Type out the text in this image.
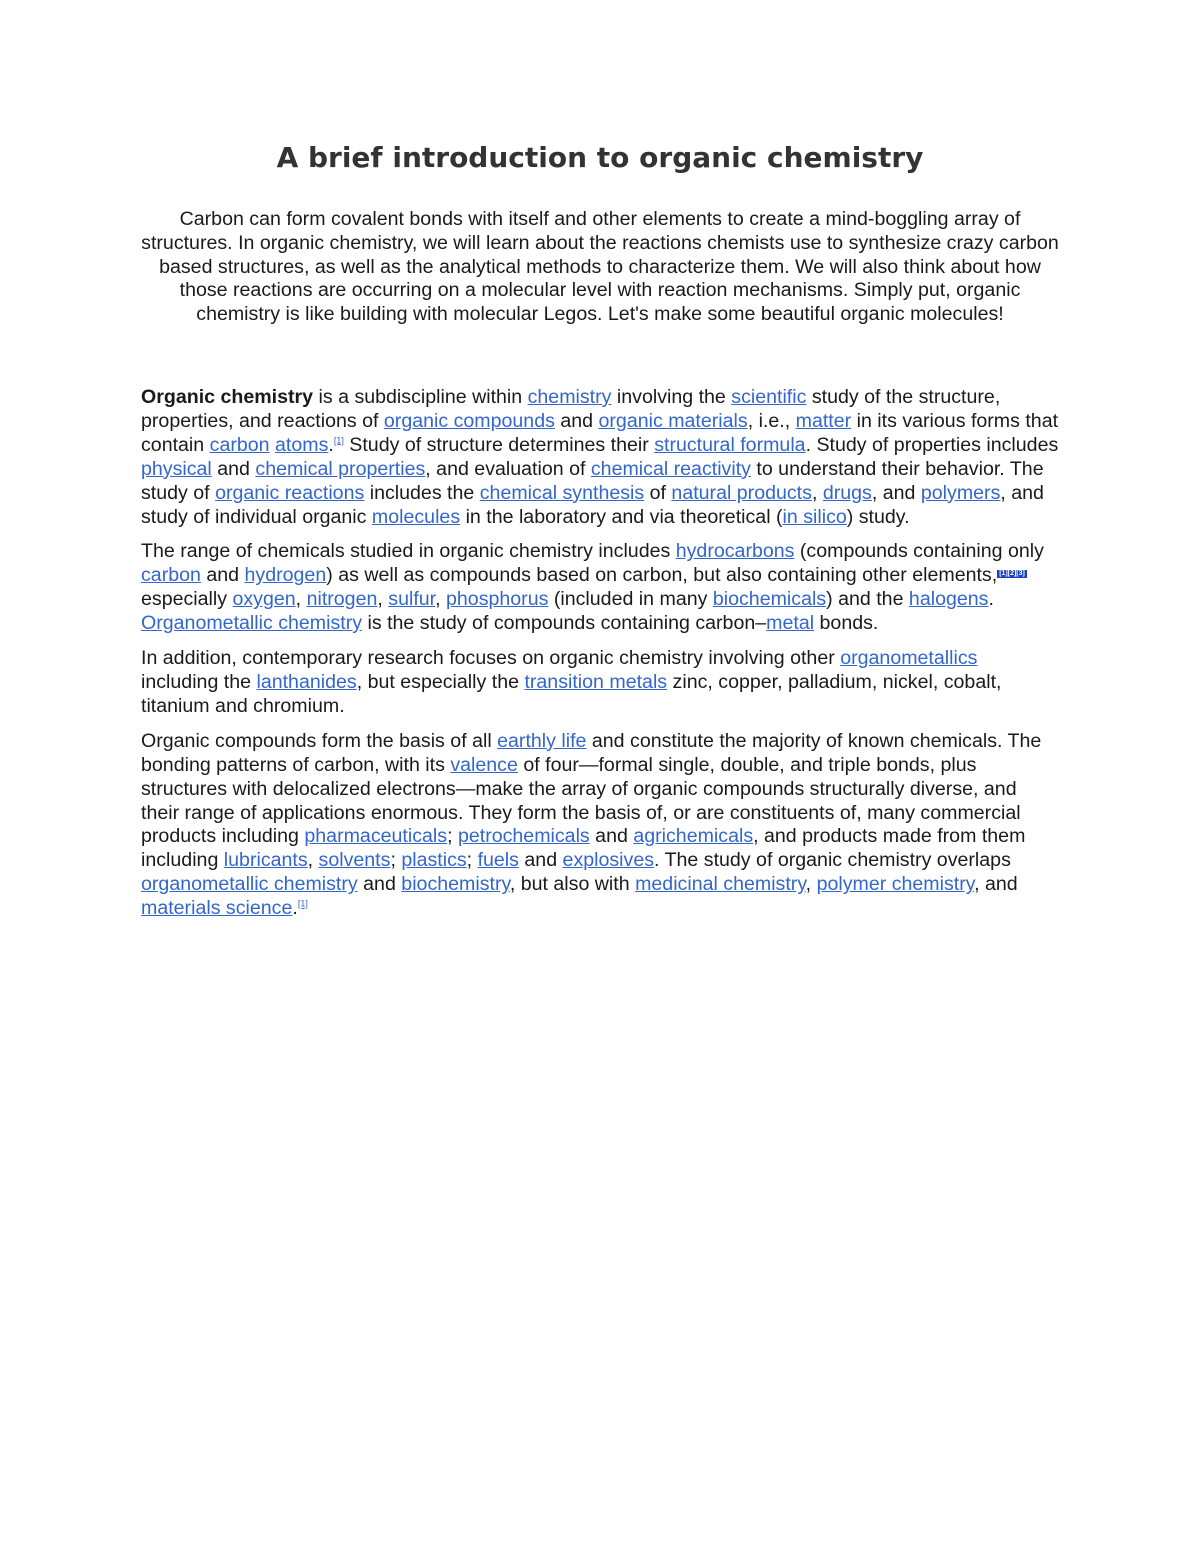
A brief introduction to organic chemistry

Carbon can form covalent bonds with itself and other elements to create a mind-boggling array of structures. In organic chemistry, we will learn about the reactions chemists use to synthesize crazy carbon based structures, as well as the analytical methods to characterize them. We will also think about how those reactions are occurring on a molecular level with reaction mechanisms. Simply put, organic chemistry is like building with molecular Legos. Let's make some beautiful organic molecules!

Organic chemistry is a subdiscipline within chemistry involving the scientific study of the structure, properties, and reactions of organic compounds and organic materials, i.e., matter in its various forms that contain carbon atoms.[1] Study of structure determines their structural formula. Study of properties includes physical and chemical properties, and evaluation of chemical reactivity to understand their behavior. The study of organic reactions includes the chemical synthesis of natural products, drugs, and polymers, and study of individual organic molecules in the laboratory and via theoretical (in silico) study.

The range of chemicals studied in organic chemistry includes hydrocarbons (compounds containing only carbon and hydrogen) as well as compounds based on carbon, but also containing other elements, [1][2][3] especially oxygen, nitrogen, sulfur, phosphorus (included in many biochemicals) and the halogens. Organometallic chemistry is the study of compounds containing carbon–metal bonds.

In addition, contemporary research focuses on organic chemistry involving other organometallics including the lanthanides, but especially the transition metals zinc, copper, palladium, nickel, cobalt, titanium and chromium.

Organic compounds form the basis of all earthly life and constitute the majority of known chemicals. The bonding patterns of carbon, with its valence of four—formal single, double, and triple bonds, plus structures with delocalized electrons—make the array of organic compounds structurally diverse, and their range of applications enormous. They form the basis of, or are constituents of, many commercial products including pharmaceuticals; petrochemicals and agrichemicals, and products made from them including lubricants, solvents; plastics; fuels and explosives. The study of organic chemistry overlaps organometallic chemistry and biochemistry, but also with medicinal chemistry, polymer chemistry, and materials science.[1]
